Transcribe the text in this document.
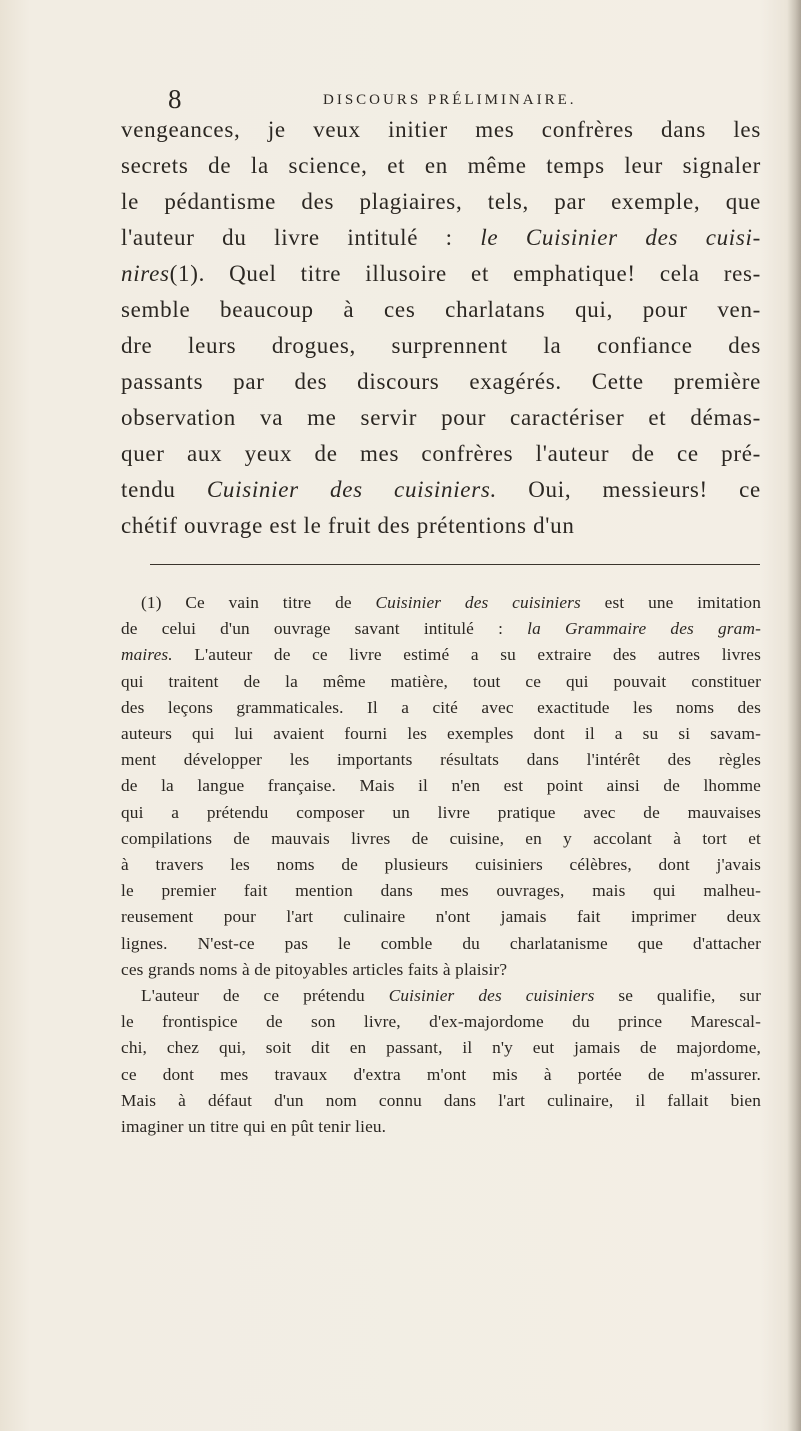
8	DISCOURS PRÉLIMINAIRE.
vengeances, je veux initier mes confrères dans les
secrets de la science, et en même temps leur signaler
le pédantisme des plagiaires, tels, par exemple, que
l'auteur du livre intitulé : le Cuisinier des cuisi-
nires(1). Quel titre illusoire et emphatique! cela res-
semble beaucoup à ces charlatans qui, pour ven-
dre leurs drogues, surprennent la confiance des
passants par des discours exagérés. Cette première
observation va me servir pour caractériser et démas-
quer aux yeux de mes confrères l'auteur de ce pré-
tendu Cuisinier des cuisiniers. Oui, messieurs! ce
chétif ouvrage est le fruit des prétentions d'un
(1) Ce vain titre de Cuisinier des cuisiniers est une imitation
de celui d'un ouvrage savant intitulé : la Grammaire des gram-
maires. L'auteur de ce livre estimé a su extraire des autres livres
qui traitent de la même matière, tout ce qui pouvait constituer
des leçons grammaticales. Il a cité avec exactitude les noms des
auteurs qui lui avaient fourni les exemples dont il a su si savam-
ment développer les importants résultats dans l'intérêt des règles
de la langue française. Mais il n'en est point ainsi de lhomme
qui a prétendu composer un livre pratique avec de mauvaises
compilations de mauvais livres de cuisine, en y accolant à tort et
à travers les noms de plusieurs cuisiniers célèbres, dont j'avais
le premier fait mention dans mes ouvrages, mais qui malheu-
reusement pour l'art culinaire n'ont jamais fait imprimer deux
lignes. N'est-ce pas le comble du charlatanisme que d'attacher
ces grands noms à de pitoyables articles faits à plaisir?
L'auteur de ce prétendu Cuisinier des cuisiniers se qualifie, sur
le frontispice de son livre, d'ex-majordome du prince Marescal-
chi, chez qui, soit dit en passant, il n'y eut jamais de majordome,
ce dont mes travaux d'extra m'ont mis à portée de m'assurer.
Mais à défaut d'un nom connu dans l'art culinaire, il fallait bien
imaginer un titre qui en pût tenir lieu.
